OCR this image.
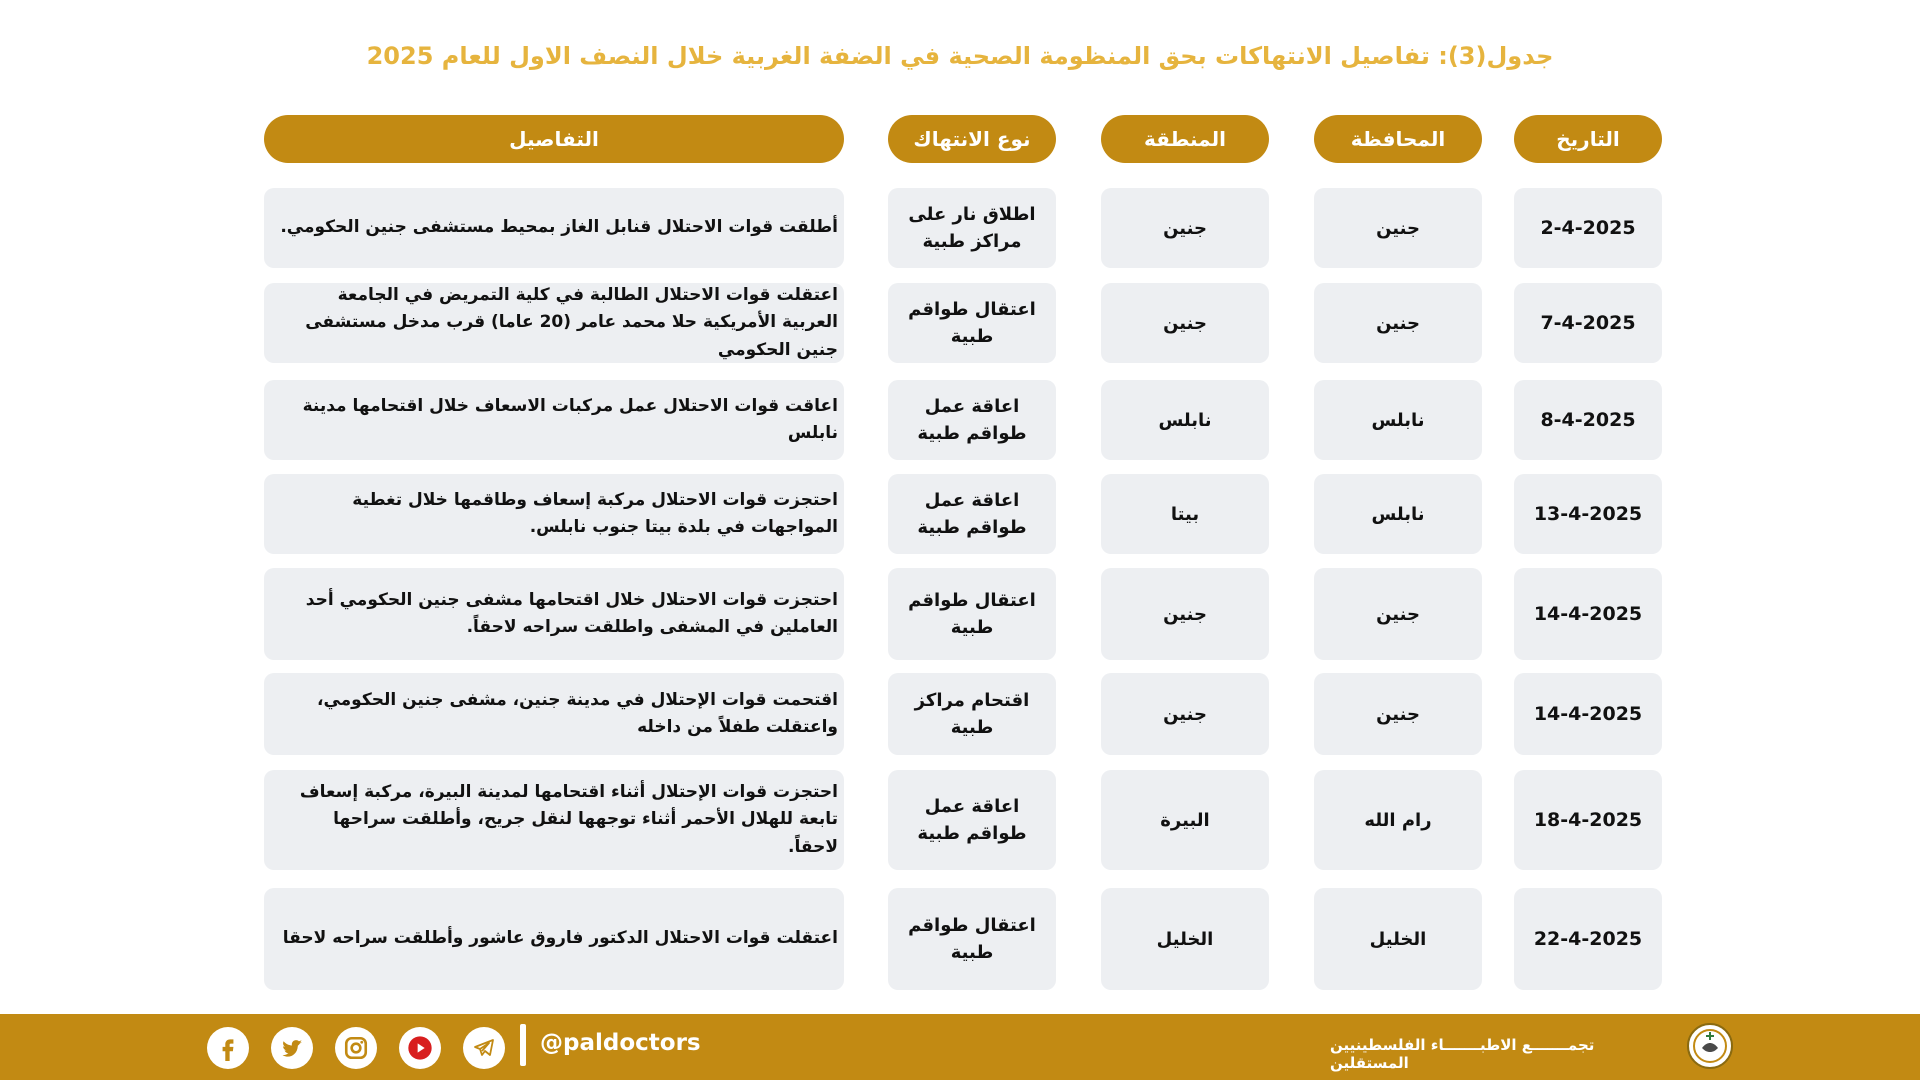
جدول(3): تفاصيل الانتهاكات بحق المنظومة الصحية في الضفة الغربية خلال النصف الاول للعام 2025
التاريخ
المحافظة
المنطقة
نوع الانتهاك
التفاصيل
2-4-2025
جنين
جنين
اطلاق نار على مراكز طبية
أطلقت قوات الاحتلال قنابل الغاز بمحيط مستشفى جنين الحكومي.
7-4-2025
جنين
جنين
اعتقال طواقم طبية
اعتقلت قوات الاحتلال الطالبة في كلية التمريض في الجامعة العربية الأمريكية حلا محمد عامر (20 عاما) قرب مدخل مستشفى جنين الحكومي
8-4-2025
نابلس
نابلس
اعاقة عمل طواقم طبية
اعاقت قوات الاحتلال عمل مركبات الاسعاف خلال اقتحامها مدينة نابلس
13-4-2025
نابلس
بيتا
اعاقة عمل طواقم طبية
احتجزت قوات الاحتلال مركبة إسعاف وطاقمها خلال تغطية المواجهات في بلدة بيتا جنوب نابلس.
14-4-2025
جنين
جنين
اعتقال طواقم طبية
احتجزت قوات الاحتلال خلال اقتحامها مشفى جنين الحكومي أحد العاملين في المشفى واطلقت سراحه لاحقاً.
14-4-2025
جنين
جنين
اقتحام مراكز طبية
اقتحمت قوات الإحتلال في مدينة جنين، مشفى جنين الحكومي، واعتقلت طفلاً من داخله
18-4-2025
رام الله
البيرة
اعاقة عمل طواقم طبية
احتجزت قوات الإحتلال أثناء اقتحامها لمدينة البيرة، مركبة إسعاف تابعة للهلال الأحمر أثناء توجهها لنقل جريح، وأطلقت سراحها لاحقاً.
22-4-2025
الخليل
الخليل
اعتقال طواقم طبية
اعتقلت قوات الاحتلال الدكتور فاروق عاشور وأطلقت سراحه لاحقا
@paldoctors	تجمـــــــع الاطبـــــــاء الفلسطينيين المستقلين
